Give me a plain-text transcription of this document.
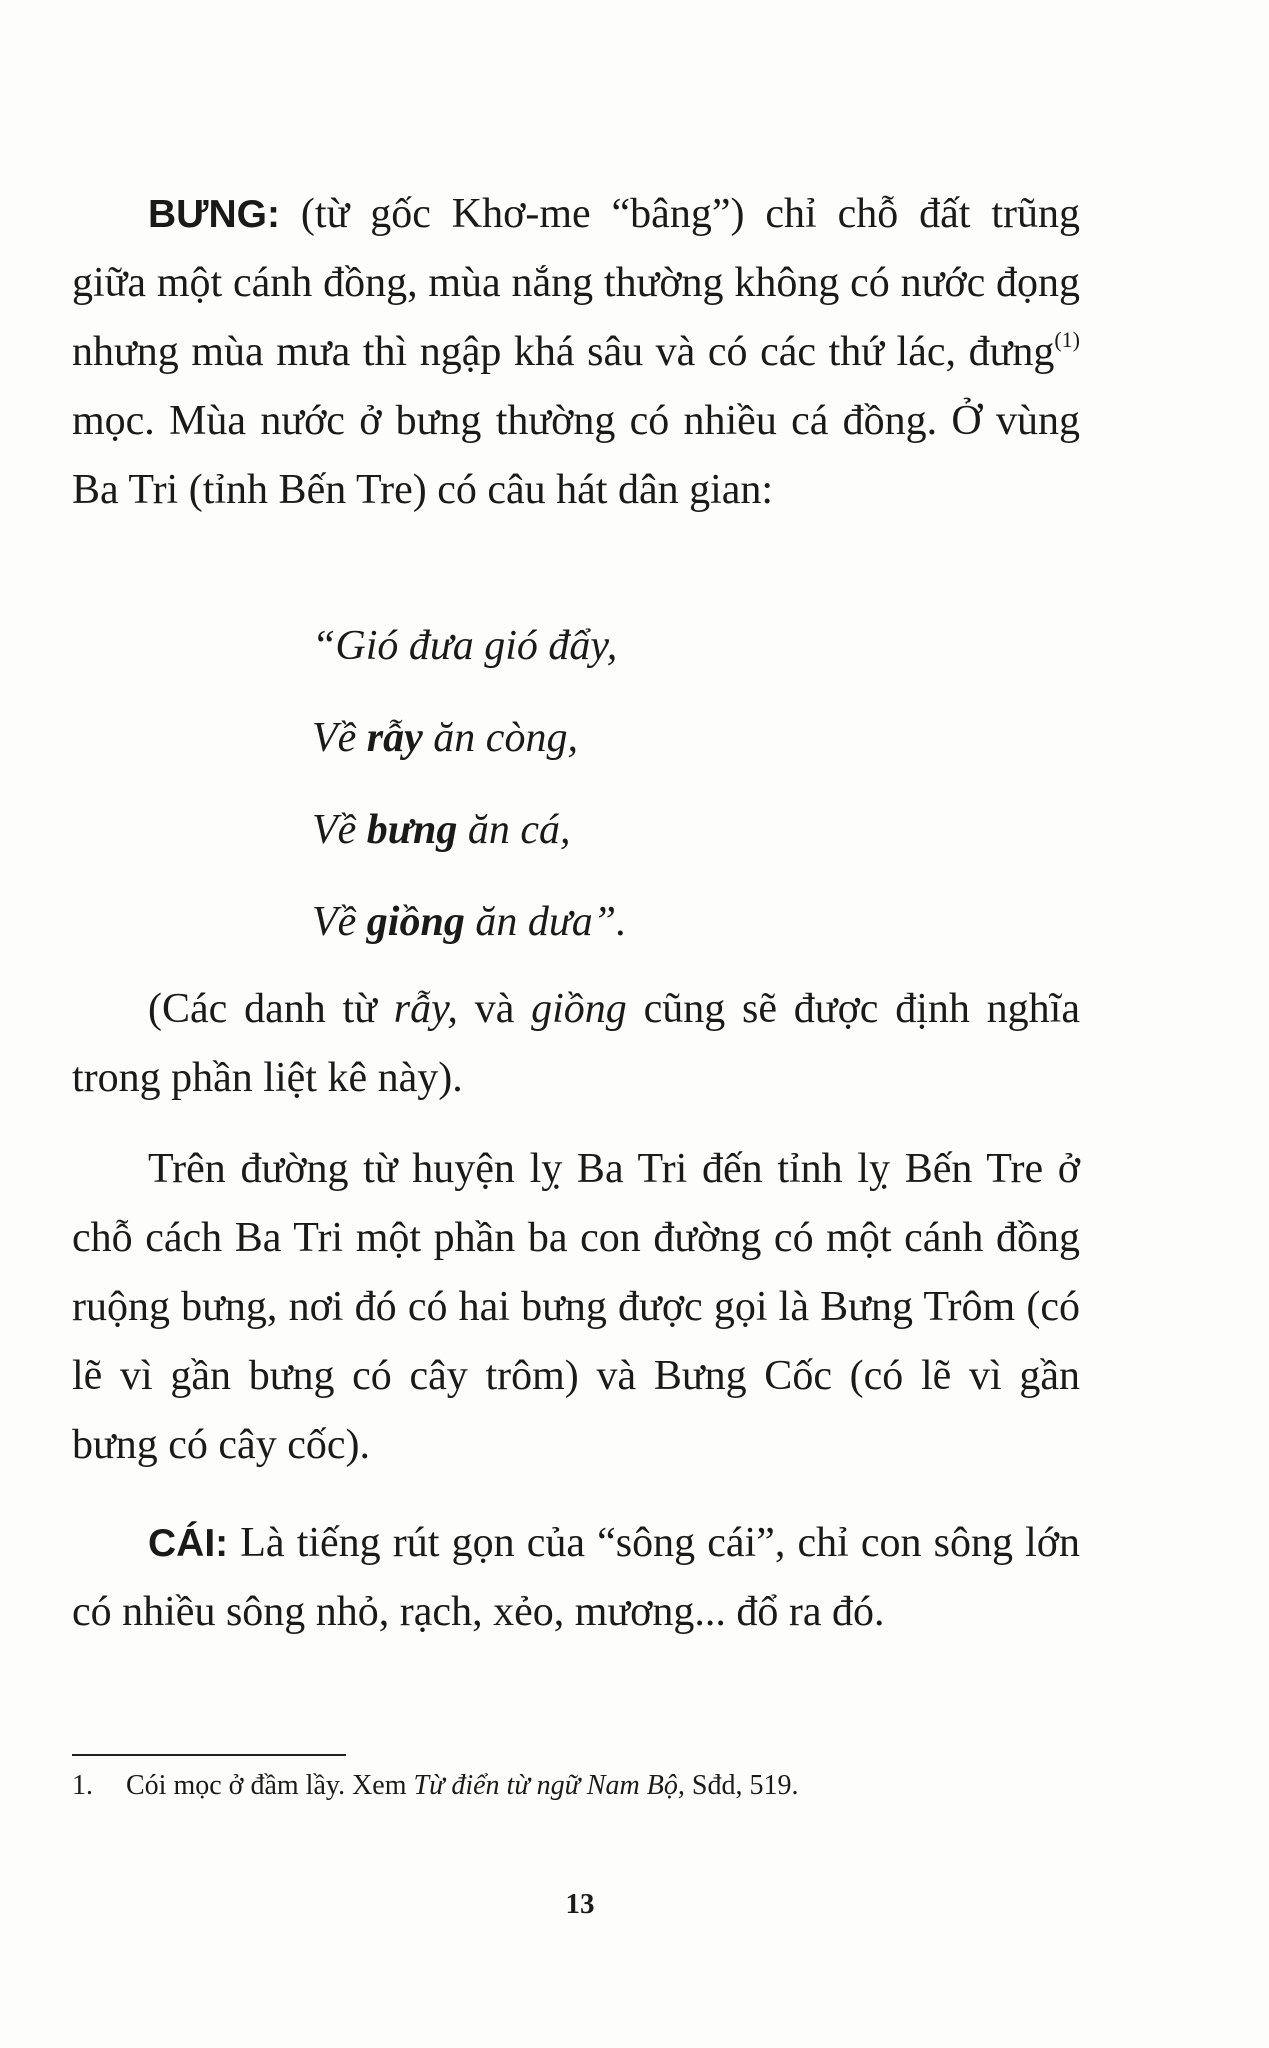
BƯNG: (từ gốc Khơ-me “bâng”) chỉ chỗ đất trũng giữa một cánh đồng, mùa nắng thường không có nước đọng nhưng mùa mưa thì ngập khá sâu và có các thứ lác, đưng$^{(1)}$ mọc. Mùa nước ở bưng thường có nhiều cá đồng. Ở vùng Ba Tri (tỉnh Bến Tre) có câu hát dân gian:
“Gió đưa gió đẩy,
Về rẫy ăn còng,
Về bưng ăn cá,
Về giồng ăn dưa”.
(Các danh từ rẫy, và giồng cũng sẽ được định nghĩa trong phần liệt kê này).
Trên đường từ huyện lỵ Ba Tri đến tỉnh lỵ Bến Tre ở chỗ cách Ba Tri một phần ba con đường có một cánh đồng ruộng bưng, nơi đó có hai bưng được gọi là Bưng Trôm (có lẽ vì gần bưng có cây trôm) và Bưng Cốc (có lẽ vì gần bưng có cây cốc).
CÁI: Là tiếng rút gọn của “sông cái”, chỉ con sông lớn có nhiều sông nhỏ, rạch, xẻo, mương... đổ ra đó.
1. Cói mọc ở đầm lầy. Xem Từ điển từ ngữ Nam Bộ, Sđd, 519.
13
